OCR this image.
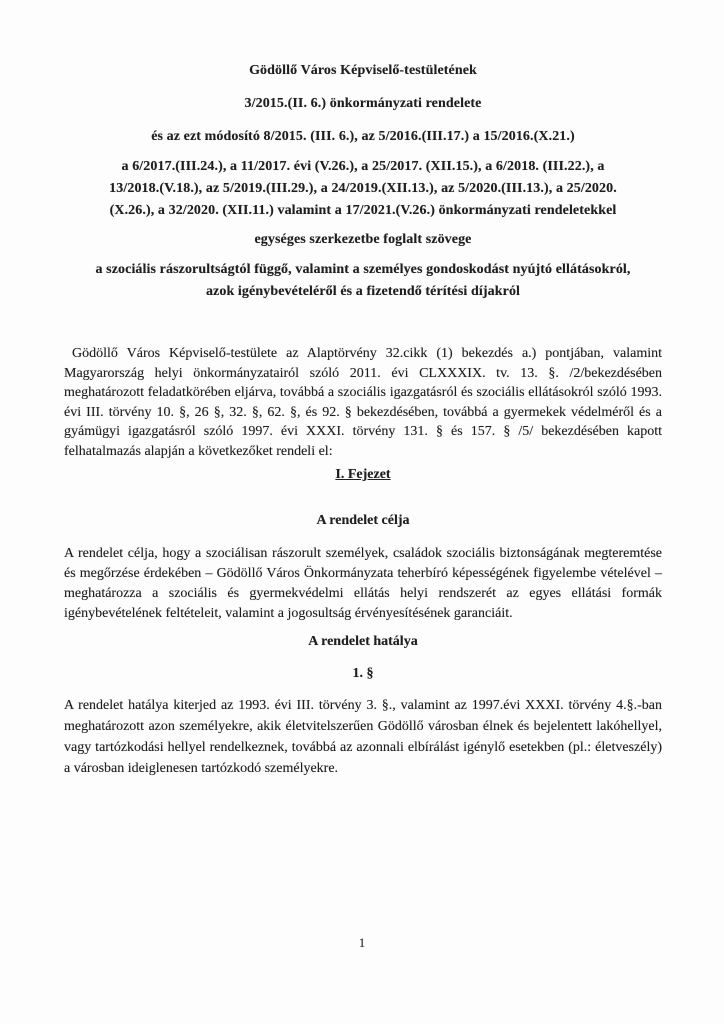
Gödöllő Város Képviselő-testületének
3/2015.(II. 6.) önkormányzati rendelete
és az ezt módosító 8/2015. (III. 6.), az 5/2016.(III.17.) a 15/2016.(X.21.)
a 6/2017.(III.24.), a 11/2017. évi (V.26.), a 25/2017. (XII.15.), a 6/2018. (III.22.), a
13/2018.(V.18.), az 5/2019.(III.29.), a 24/2019.(XII.13.), az 5/2020.(III.13.), a 25/2020.
(X.26.), a 32/2020. (XII.11.) valamint a 17/2021.(V.26.) önkormányzati rendeletekkel
egységes szerkezetbe foglalt szövege
a szociális rászorultságtól függő, valamint a személyes gondoskodást nyújtó ellátásokról,
azok igénybevételéről és a fizetendő térítési díjakról

Gödöllő Város Képviselő-testülete az Alaptörvény 32.cikk (1) bekezdés a.) pontjában, valamint Magyarország helyi önkormányzatairól szóló 2011. évi CLXXXIX. tv. 13. §. /2/bekezdésében meghatározott feladatkörében eljárva, továbbá a szociális igazgatásról és szociális ellátásokról szóló 1993. évi III. törvény 10. §, 26 §, 32. §, 62. §, és 92. § bekezdésében, továbbá a gyermekek védelméről és a gyámügyi igazgatásról szóló 1997. évi XXXI. törvény 131. § és 157. § /5/ bekezdésében kapott felhatalmazás alapján a következőket rendeli el:

I. Fejezet
A rendelet célja

A rendelet célja, hogy a szociálisan rászorult személyek, családok szociális biztonságának megteremtése és megőrzése érdekében – Gödöllő Város Önkormányzata teherbíró képességének figyelembe vételével – meghatározza a szociális és gyermekvédelmi ellátás helyi rendszerét az egyes ellátási formák igénybevételének feltételeit, valamint a jogosultság érvényesítésének garanciáit.

A rendelet hatálya
1. §

A rendelet hatálya kiterjed az 1993. évi III. törvény 3. §., valamint az 1997.évi XXXI. törvény 4.§.-ban meghatározott azon személyekre, akik életvitelszerűen Gödöllő városban élnek és bejelentett lakóhellyel, vagy tartózkodási hellyel rendelkeznek, továbbá az azonnali elbírálást igénylő esetekben (pl.: életveszély) a városban ideiglenesen tartózkodó személyekre.

1
